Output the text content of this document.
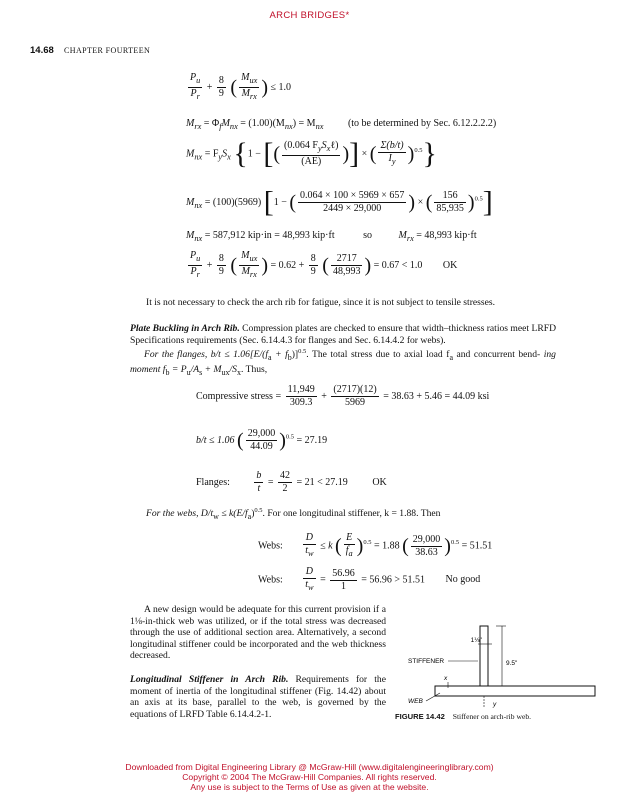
ARCH BRIDGES*
14.68 CHAPTER FOURTEEN
$\frac{P_u}{P_r} + \frac{8}{9}$ ( $\frac{M_{ux}}{M_{rx}}$ ) ≤ 1.0
$M_{rx} = \Phi_fM_{nx} = (1.00)(M_{nx}) = M_{nx}$ (to be determined by Sec. 6.12.2.2.2)
$M_{nx} = F_yS_x$ {1 − [( $\frac{(0.064 F_yS_x\ell)}{(AE)}$ )] × ( $\frac{\Sigma(b/t)}{I_y} )^{0.5}$}
$M_{nx} = (100)(5969) [1$ − ( $\frac{0.064 \times 100 \times 5969 \times 657}{2449 \times 29,000}$ ) × ( $\frac{156}{85,935} )^{0.5}$]
$M_{nx} = 587,912$ kip·in = 48,993 kip·ft	so	$M_{rx} = 48,993$ kip·ft
$\frac{P_u}{P_r} + \frac{8}{9}$ ( $\frac{M_{ux}}{M_{rx}}$ ) = $0.62 + \frac{8}{9}$ ( $\frac{2717}{48,993}$ ) = 0.67 < 1.0 OK
It is not necessary to check the arch rib for fatigue, since it is not subject to tensile stresses.
Plate Buckling in Arch Rib. Compression plates are checked to ensure that width–thickness ratios meet LRFD Specifications requirements (Sec. 6.14.4.3 for flanges and Sec. 6.14.4.2 for webs).
For the flanges, $b/t \le 1.06[E/(f_a + f_b)]^{0.5}$. The total stress due to axial load $f_a$ and concurrent bend- ing moment $f_b = P_u/A_s + M_{ux}/S_x$. Thus,
Compressive stress = $\frac{11,949}{309.3} + \frac{(2717)(12)}{5969} = 38.63 + 5.46 = 44.09$ ksi
b/t ≤ 1.06 ( $\frac{29,000}{44.09} )^{0.5} = 27.19$
Flanges: $\frac{b}{t} = \frac{42}{2} = 21 < 27.19$ OK
For the webs, $D/t_w \le k(E/f_a)^{0.5}$. For one longitudinal stiffener, k = 1.88. Then
Webs: $\frac{D}{t_w} \le k$ ( $\frac{E}{f_a} )^{0.5} = 1.88$ ( $\frac{29,000}{38.63} )^{0.5} = 51.51$
Webs: $\frac{D}{t_w} = \frac{56.96}{1} = 56.96 > 51.51$ No good
A new design would be adequate for this current provision if a 1⅛-in-thick web was utilized, or if the total stress was decreased through the use of additional section area. Alternatively, a second longitudinal stiffener could be incorporated and the web thickness decreased.
Longitudinal Stiffener in Arch Rib. Requirements for the moment of inertia of the longitudinal stiffener (Fig. 14.42) about an axis at its base, parallel to the web, is governed by the equations of LRFD Table 6.14.4.2-1.
1⅛"
9.5"
STIFFENER
WEB
x
y
FIGURE 14.42 Stiffener on arch-rib web.
Downloaded from Digital Engineering Library @ McGraw-Hill (www.digitalengineeringlibrary.com)
Copyright © 2004 The McGraw-Hill Companies. All rights reserved.
Any use is subject to the Terms of Use as given at the website.
